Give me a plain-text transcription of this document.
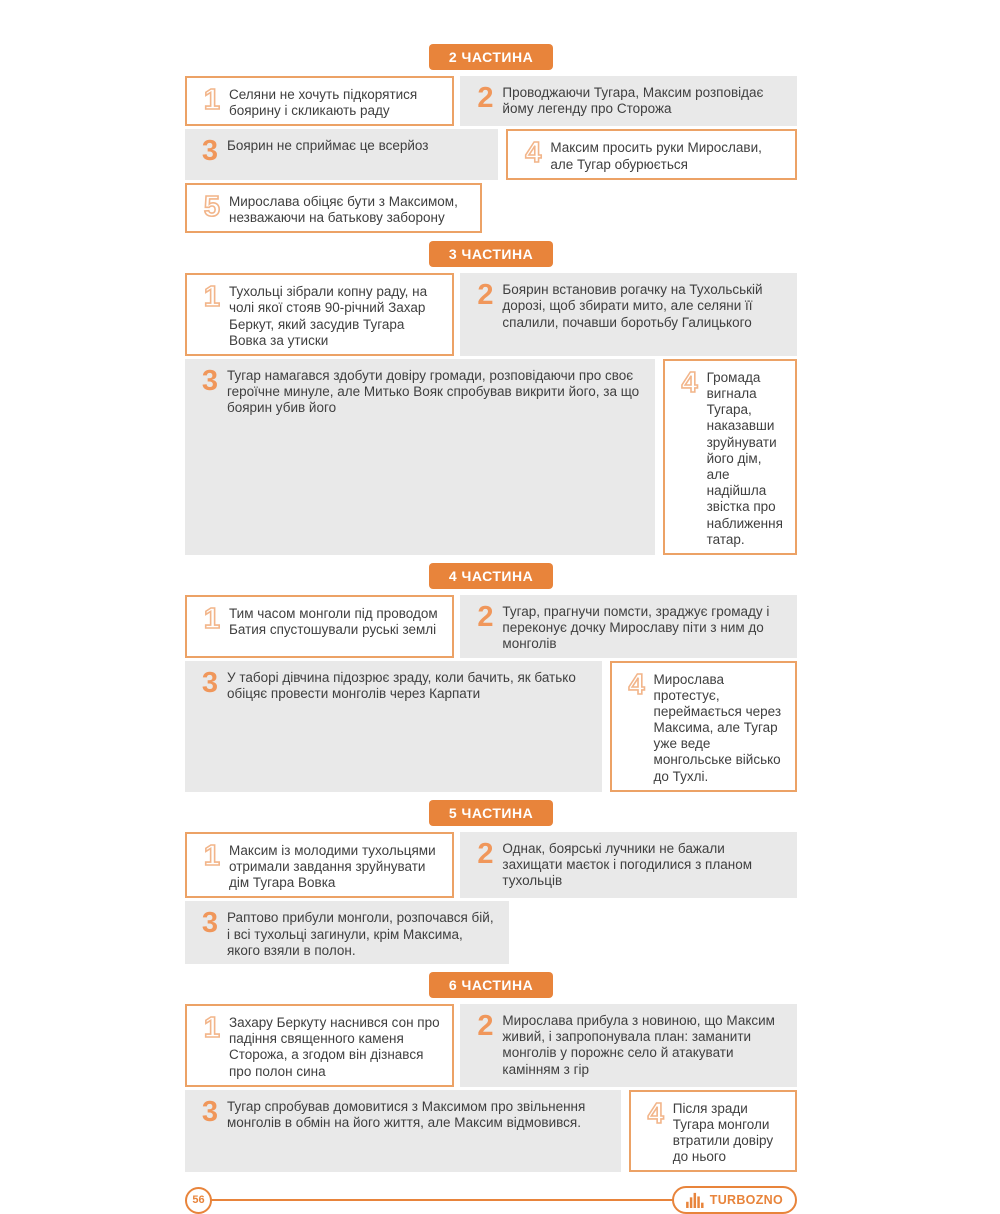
2 ЧАСТИНА
1 Селяни не хочуть підкорятися боярину і скликають раду	2 Проводжаючи Тугара, Максим розповідає йому легенду про Сторожа
3 Боярин не сприймає це всерйоз	4 Максим просить руки Мирослави, але Тугар обурюється
5 Мирослава обіцяє бути з Максимом, незважаючи на батькову заборону
3 ЧАСТИНА
1 Тухольці зібрали копну раду, на чолі якої стояв 90-річний Захар Беркут, який засудив Тугара Вовка за утиски
2 Боярин встановив рогачку на Тухольській дорозі, щоб збирати мито, але селяни її спалили, почавши боротьбу Галицького
3 Тугар намагався здобути довіру громади, розповідаючи про своє героїчне минуле, але Митько Вояк спробував викрити його, за що боярин убив його
4 Громада вигнала Тугара, наказавши зруйнувати його дім, але надійшла звістка про наближення татар.
4 ЧАСТИНА
1 Тим часом монголи під проводом Батия спустошували руські землі	2 Тугар, прагнучи помсти, зраджує громаду і переконує дочку Мирославу піти з ним до монголів
3 У таборі дівчина підозрює зраду, коли бачить, як батько обіцяє провести монголів через Карпати	4 Мирослава протестує, переймається через Максима, але Тугар уже веде монгольське військо до Тухлі.
5 ЧАСТИНА
1 Максим із молодими тухольцями отримали завдання зруйнувати дім Тугара Вовка
2 Однак, боярські лучники не бажали захищати маєток і погодилися з планом тухольців
3 Раптово прибули монголи, розпочався бій, і всі тухольці загинули, крім Максима, якого взяли в полон.
6 ЧАСТИНА
1 Захару Беркуту наснився сон про падіння священного каменя Сторожа, а згодом він дізнався про полон сина
2 Мирослава прибула з новиною, що Максим живий, і запропонувала план: заманити монголів у порожнє село й атакувати камінням з гір
3 Тугар спробував домовитися з Максимом про звільнення монголів в обмін на його життя, але Максим відмовився.	4 Після зради Тугара монголи втратили довіру до нього
56	TURBOZNO
